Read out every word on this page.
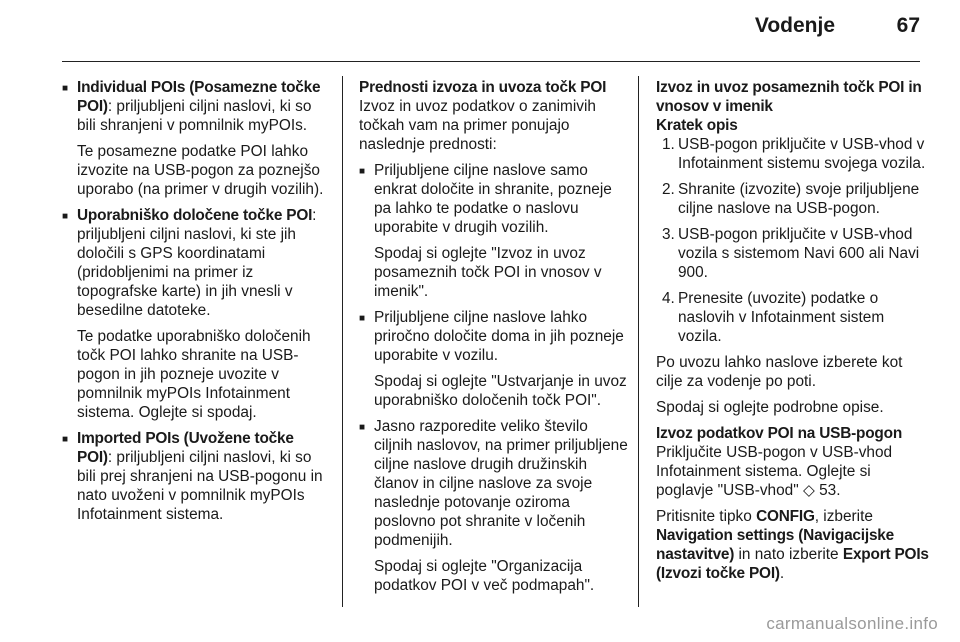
Vodenje	67
■ Individual POIs (Posamezne točke POI): priljubljeni ciljni naslovi, ki so bili shranjeni v pomnilnik myPOIs.

Te posamezne podatke POI lahko izvozite na USB-pogon za poznejšo uporabo (na primer v drugih vozilih).

■ Uporabniško določene točke POI: priljubljeni ciljni naslovi, ki ste jih določili s GPS koordinatami (pridobljenimi na primer iz topografske karte) in jih vnesli v besedilne datoteke.

Te podatke uporabniško določenih točk POI lahko shranite na USB-pogon in jih pozneje uvozite v pomnilnik myPOIs Infotainment sistema. Oglejte si spodaj.

■ Imported POIs (Uvožene točke POI): priljubljeni ciljni naslovi, ki so bili prej shranjeni na USB-pogonu in nato uvoženi v pomnilnik myPOIs Infotainment sistema.

Prednosti izvoza in uvoza točk POI

Izvoz in uvoz podatkov o zanimivih točkah vam na primer ponujajo naslednje prednosti:

■ Priljubljene ciljne naslove samo enkrat določite in shranite, pozneje pa lahko te podatke o naslovu uporabite v drugih vozilih.

Spodaj si oglejte "Izvoz in uvoz posameznih točk POI in vnosov v imenik".

■ Priljubljene ciljne naslove lahko priročno določite doma in jih pozneje uporabite v vozilu.

Spodaj si oglejte "Ustvarjanje in uvoz uporabniško določenih točk POI".

■ Jasno razporedite veliko število ciljnih naslovov, na primer priljubljene ciljne naslove drugih družinskih članov in ciljne naslove za svoje naslednje potovanje oziroma poslovno pot shranite v ločenih podmenijih.

Spodaj si oglejte "Organizacija podatkov POI v več podmapah".

Izvoz in uvoz posameznih točk POI in vnosov v imenik

Kratek opis

1. USB-pogon priključite v USB-vhod v Infotainment sistemu svojega vozila.
2. Shranite (izvozite) svoje priljubljene ciljne naslove na USB-pogon.
3. USB-pogon priključite v USB-vhod vozila s sistemom Navi 600 ali Navi 900.
4. Prenesite (uvozite) podatke o naslovih v Infotainment sistem vozila.

Po uvozu lahko naslove izberete kot cilje za vodenje po poti.

Spodaj si oglejte podrobne opise.

Izvoz podatkov POI na USB-pogon

Priključite USB-pogon v USB-vhod Infotainment sistema. Oglejte si poglavje "USB-vhod" ◇ 53.

Pritisnite tipko CONFIG, izberite Navigation settings (Navigacijske nastavitve) in nato izberite Export POIs (Izvozi točke POI).

carmanualsonline.info
